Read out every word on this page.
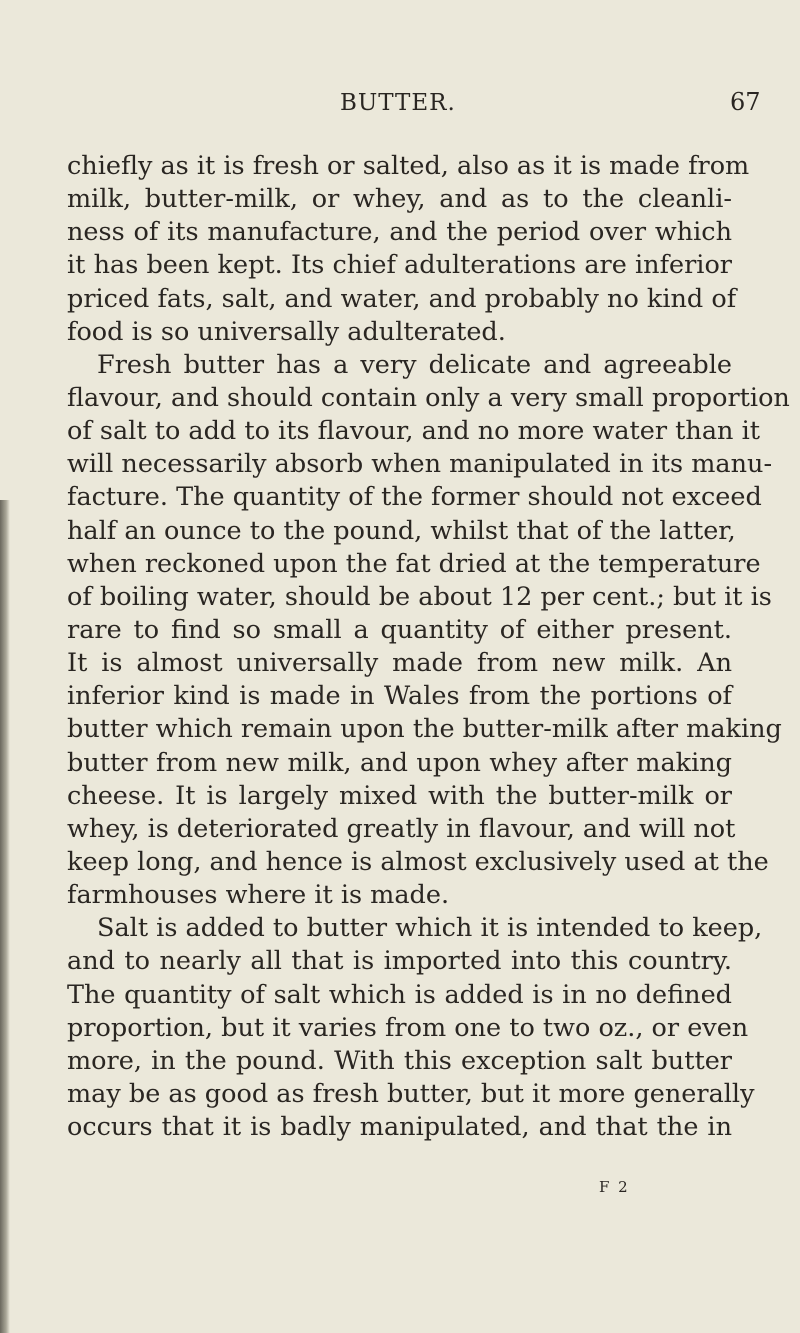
BUTTER.	67
chiefly as it is fresh or salted, also as it is made from
milk, butter-milk, or whey, and as to the cleanli-
ness of its manufacture, and the period over which
it has been kept. Its chief adulterations are inferior
priced fats, salt, and water, and probably no kind of
food is so universally adulterated.
Fresh butter has a very delicate and agreeable
flavour, and should contain only a very small proportion
of salt to add to its flavour, and no more water than it
will necessarily absorb when manipulated in its manu-
facture. The quantity of the former should not exceed
half an ounce to the pound, whilst that of the latter,
when reckoned upon the fat dried at the temperature
of boiling water, should be about 12 per cent.; but it is
rare to find so small a quantity of either present.
It is almost universally made from new milk. An
inferior kind is made in Wales from the portions of
butter which remain upon the butter-milk after making
butter from new milk, and upon whey after making
cheese. It is largely mixed with the butter-milk or
whey, is deteriorated greatly in flavour, and will not
keep long, and hence is almost exclusively used at the
farmhouses where it is made.
Salt is added to butter which it is intended to keep,
and to nearly all that is imported into this country.
The quantity of salt which is added is in no defined
proportion, but it varies from one to two oz., or even
more, in the pound. With this exception salt butter
may be as good as fresh butter, but it more generally
occurs that it is badly manipulated, and that the in
F 2
